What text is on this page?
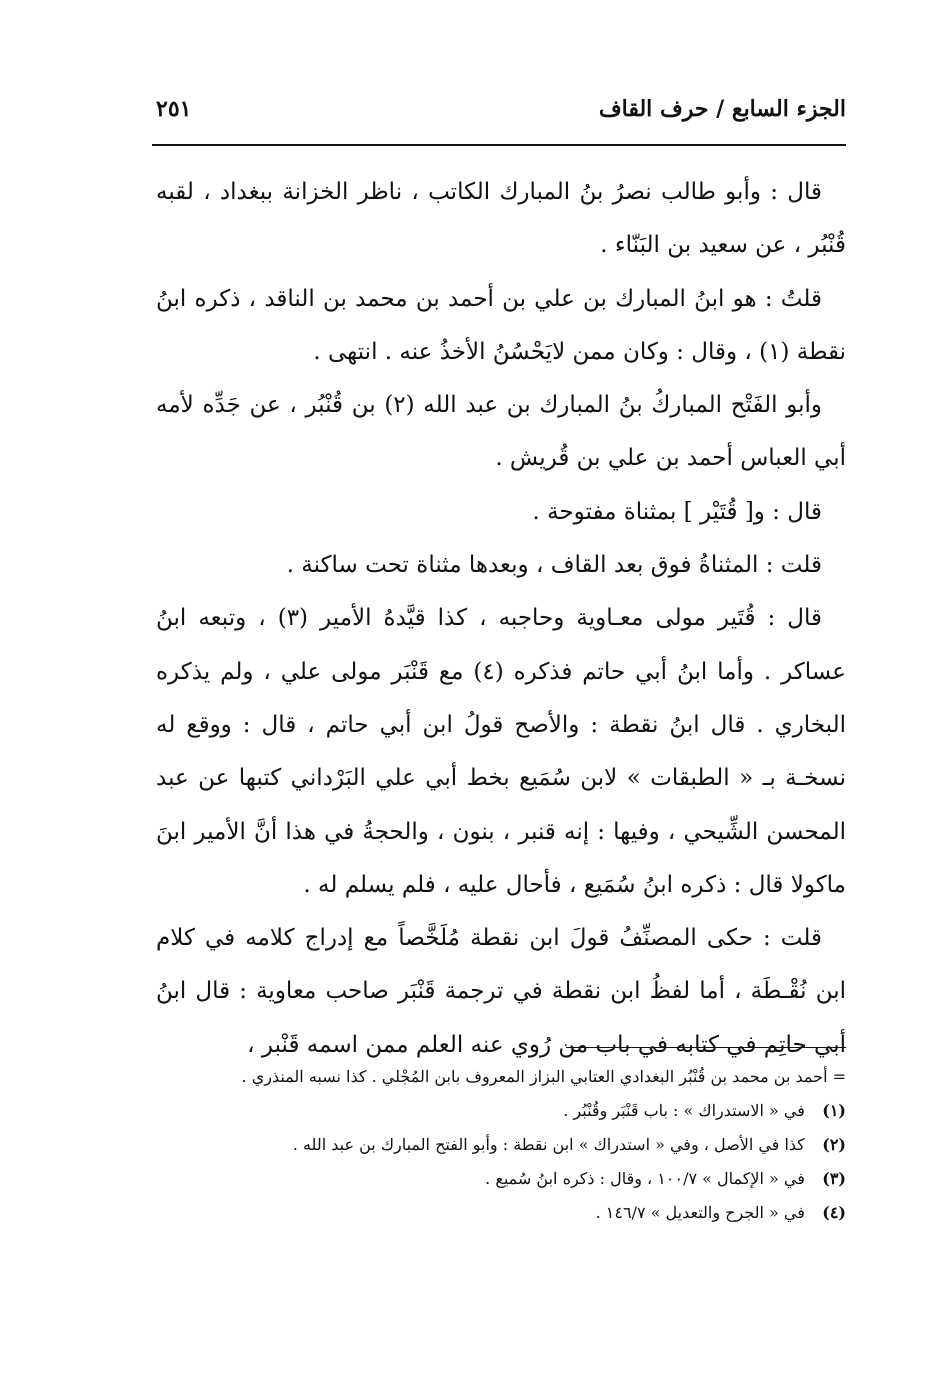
الجزء السابع / حرف القاف
٢٥١

قال : وأبو طالب نصرُ بنُ المبارك الكاتب ، ناظر الخزانة ببغداد ، لقبه قُنْبُر ، عن سعيد بن البَنّاء .

قلتُ : هو ابنُ المبارك بن علي بن أحمد بن محمد بن الناقد ، ذكره ابنُ نقطة (١) ، وقال : وكان ممن لايَحْسُنُ الأخذُ عنه . انتهى .

وأبو الفَتْح المباركُ بنُ المبارك بن عبد الله (٢) بن قُنْبُر ، عن جَدِّه لأمه أبي العباس أحمد بن علي بن قُريش .

قال : و[ قُتَيْر ] بمثناة مفتوحة .

قلت : المثناةُ فوق بعد القاف ، وبعدها مثناة تحت ساكنة .

قال : قُتَير مولى معـاوية وحاجبه ، كذا قيَّدهُ الأمير (٣) ، وتبعه ابنُ عساكر . وأما ابنُ أبي حاتم فذكره (٤) مع قَنْبَر مولى علي ، ولم يذكره البخاري . قال ابنُ نقطة : والأصح قولُ ابن أبي حاتم ، قال : ووقع له نسخـة بـ « الطبقات » لابن سُمَيع بخط أبي علي البَرْداني كتبها عن عبد المحسن الشِّيحي ، وفيها : إنه قنبر ، بنون ، والحجةُ في هذا أنَّ الأمير ابنَ ماكولا قال : ذكره ابنُ سُمَيع ، فأحال عليه ، فلم يسلم له .

قلت : حكى المصنِّفُ قولَ ابن نقطة مُلَخَّصاً مع إدراج كلامه في كلام ابن نُقْـطَة ، أما لفظُ ابن نقطة في ترجمة قَنْبَر صاحب معاوية : قال ابنُ أبي حاتِم في كتابه في باب من رُوي عنه العلم ممن اسمه قَنْبر ،

= أحمد بن محمد بن قُنْبُر البغدادي العتابي البزاز المعروف بابن المُجْلي . كذا نسبه المنذري .

(١) في « الاستدراك » : باب قَنْبَر وقُنْبُر .

(٢) كذا في الأصل ، وفي « استدراك » ابن نقطة : وأبو الفتح المبارك بن عبد الله .

(٣) في « الإكمال » ١٠٠/٧ ، وقال : ذكره ابنُ سُميع .

(٤) في « الجرح والتعديل » ١٤٦/٧ .
